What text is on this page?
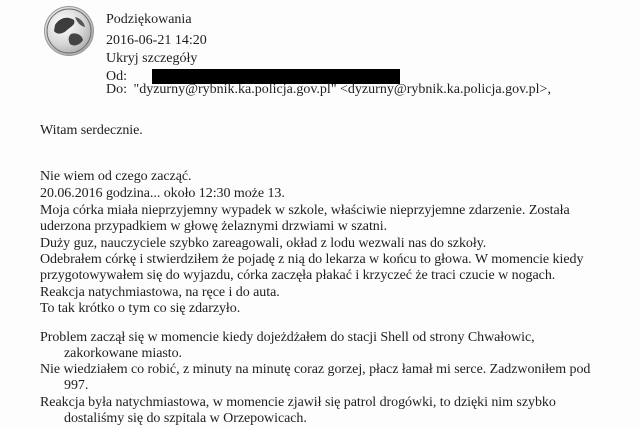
Podziękowania
2016-06-21 14:20
Ukryj szczegóły
Od:
Do: "dyzurny@rybnik.ka.policja.gov.pl" <dyzurny@rybnik.ka.policja.gov.pl>,
Witam serdecznie.
Nie wiem od czego zacząć.
20.06.2016 godzina... około 12:30 może 13.
Moja córka miała nieprzyjemny wypadek w szkole, właściwie nieprzyjemne zdarzenie. Została
uderzona przypadkiem w głowę żelaznymi drzwiami w szatni.
Duży guz, nauczyciele szybko zareagowali, okład z lodu wezwali nas do szkoły.
Odebrałem córkę i stwierdziłem że pojadę z nią do lekarza w końcu to głowa. W momencie kiedy
przygotowywałem się do wyjazdu, córka zaczęła płakać i krzyczeć że traci czucie w nogach.
Reakcja natychmiastowa, na ręce i do auta.
To tak krótko o tym co się zdarzyło.
Problem zaczął się w momencie kiedy dojeżdżałem do stacji Shell od strony Chwałowic,
zakorkowane miasto.
Nie wiedziałem co robić, z minuty na minutę coraz gorzej, płacz łamał mi serce. Zadzwoniłem pod
997.
Reakcja była natychmiastowa, w momencie zjawił się patrol drogówki, to dzięki nim szybko
dostaliśmy się do szpitala w Orzepowicach.
